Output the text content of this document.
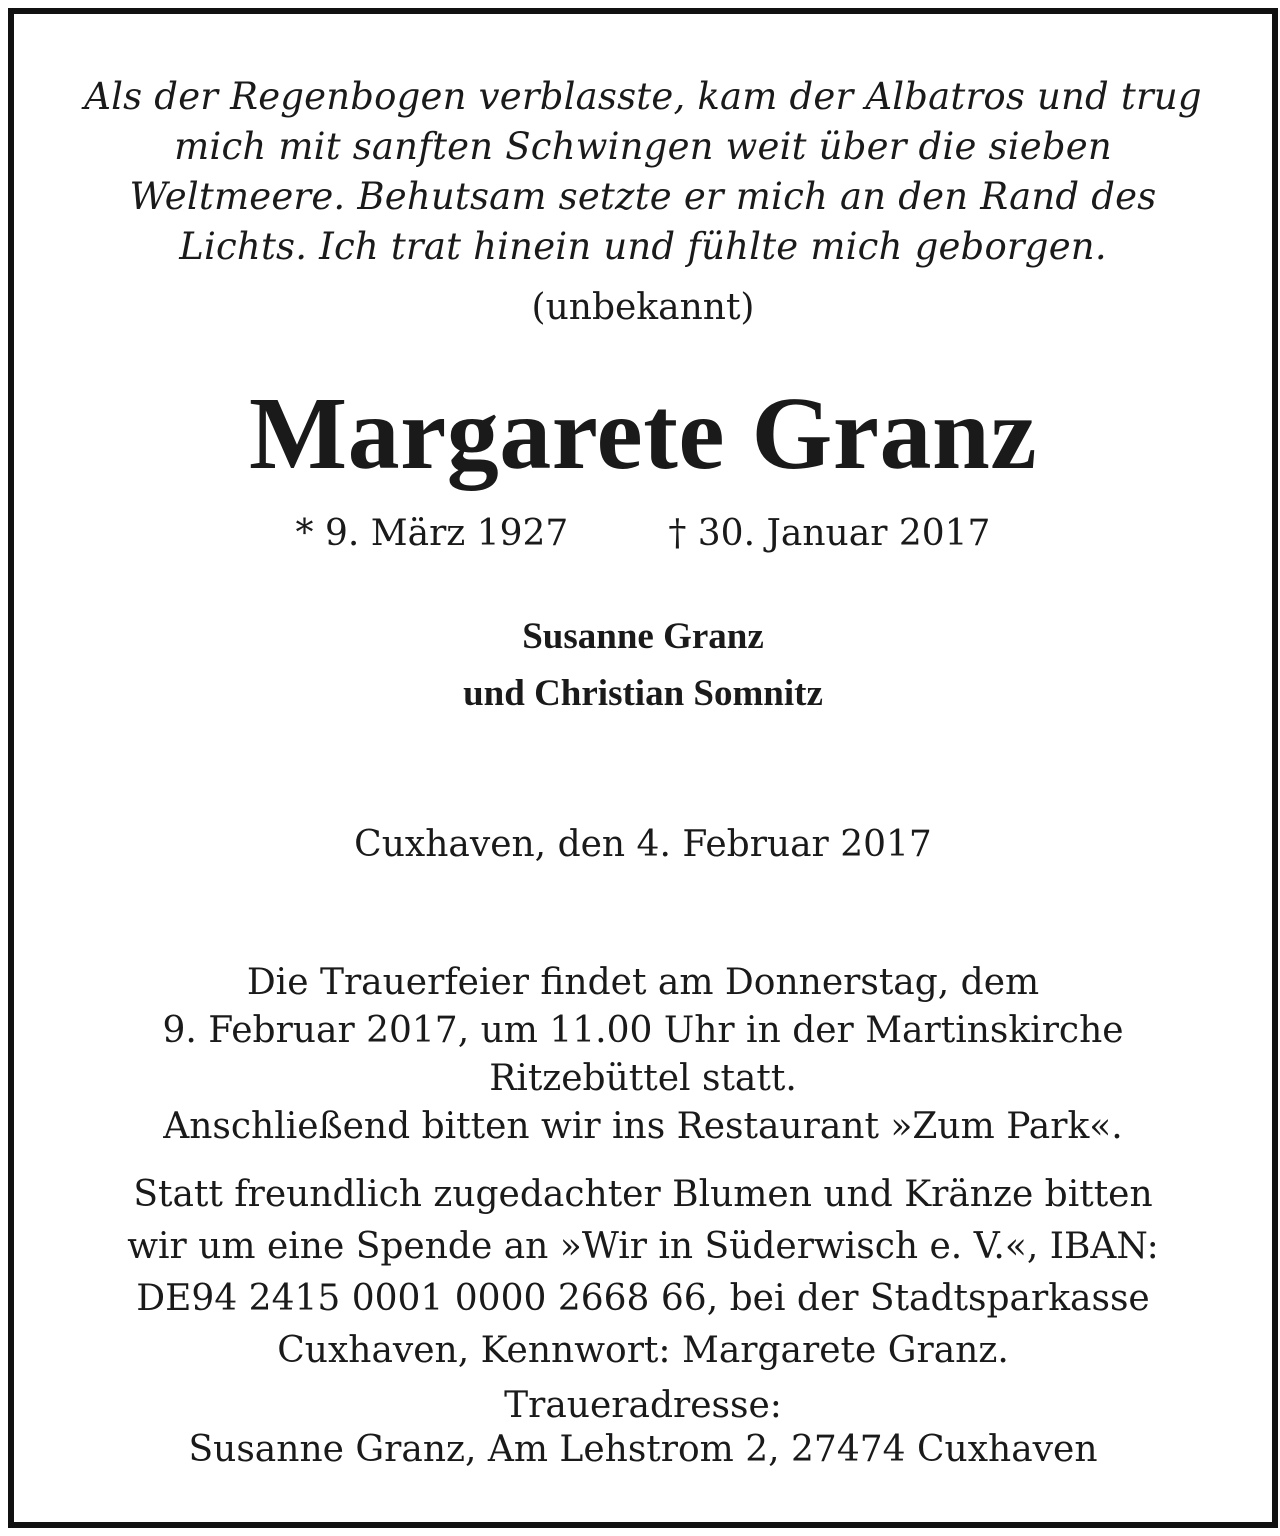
Als der Regenbogen verblasste, kam der Albatros und trug
mich mit sanften Schwingen weit über die sieben
Weltmeere. Behutsam setzte er mich an den Rand des
Lichts. Ich trat hinein und fühlte mich geborgen.
(unbekannt)
Margarete Granz
* 9. März 1927	† 30. Januar 2017
Susanne Granz
und Christian Somnitz
Cuxhaven, den 4. Februar 2017
Die Trauerfeier findet am Donnerstag, dem
9. Februar 2017, um 11.00 Uhr in der Martinskirche
Ritzebüttel statt.
Anschließend bitten wir ins Restaurant »Zum Park«.
Statt freundlich zugedachter Blumen und Kränze bitten
wir um eine Spende an »Wir in Süderwisch e. V.«, IBAN:
DE94 2415 0001 0000 2668 66, bei der Stadtsparkasse
Cuxhaven, Kennwort: Margarete Granz.
Traueradresse:
Susanne Granz, Am Lehstrom 2, 27474 Cuxhaven
